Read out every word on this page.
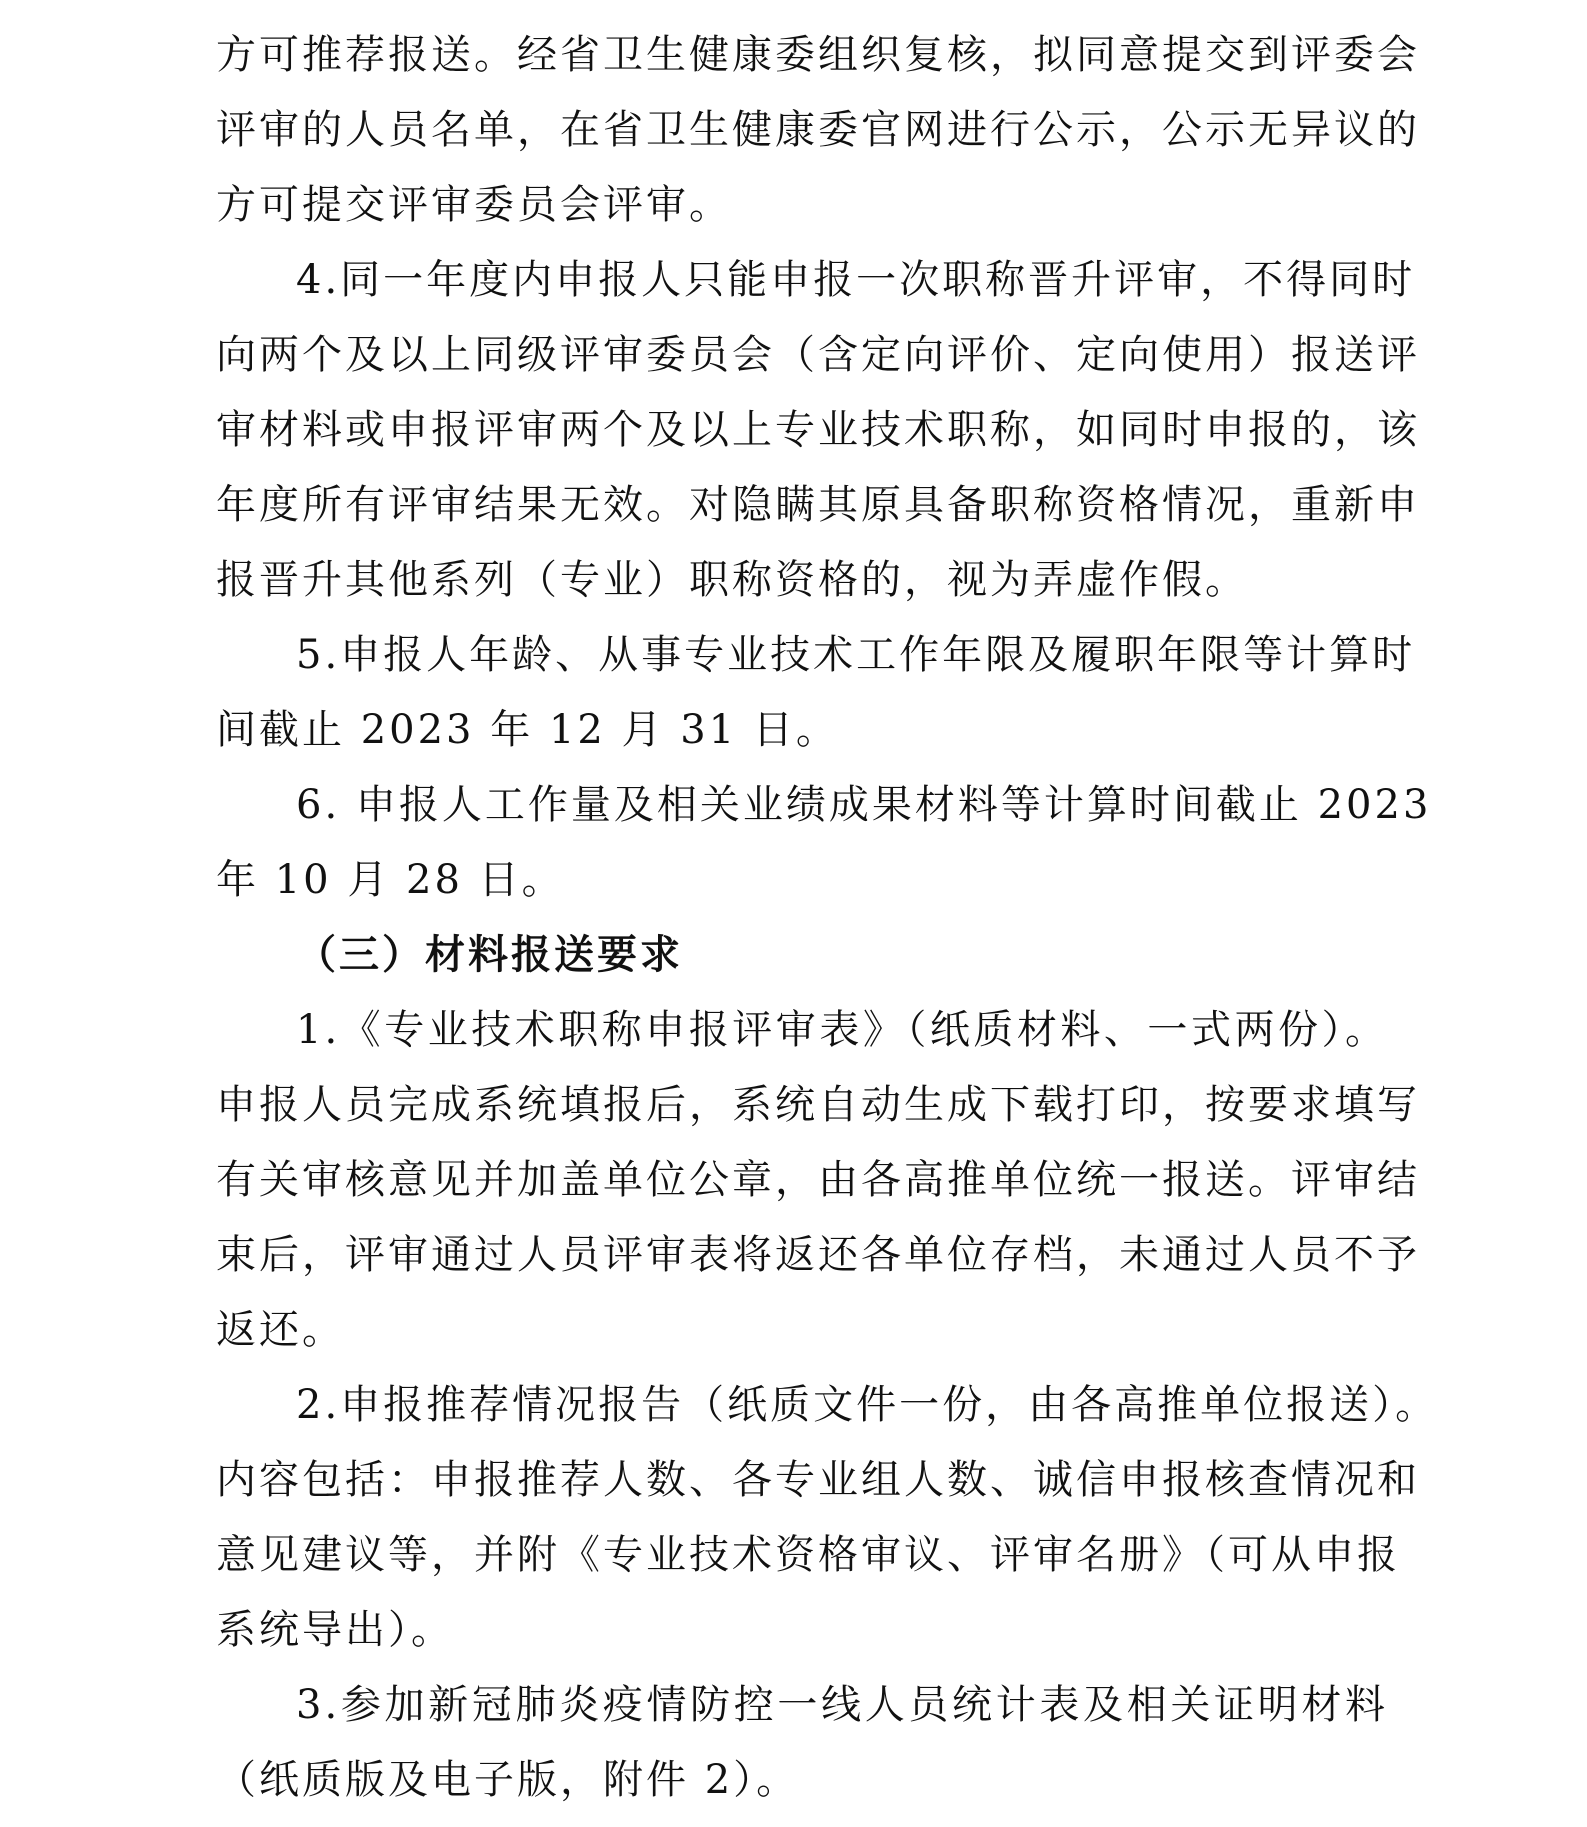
方可推荐报送。经省卫生健康委组织复核，拟同意提交到评委会
评审的人员名单，在省卫生健康委官网进行公示，公示无异议的
方可提交评审委员会评审。
4.同一年度内申报人只能申报一次职称晋升评审，不得同时
向两个及以上同级评审委员会（含定向评价、定向使用）报送评
审材料或申报评审两个及以上专业技术职称，如同时申报的，该
年度所有评审结果无效。对隐瞒其原具备职称资格情况，重新申
报晋升其他系列（专业）职称资格的，视为弄虚作假。
5.申报人年龄、从事专业技术工作年限及履职年限等计算时
间截止 2023 年 12 月 31 日。
6. 申报人工作量及相关业绩成果材料等计算时间截止 2023
年 10 月 28 日。
（三）材料报送要求
1.《专业技术职称申报评审表》（纸质材料、一式两份）。
申报人员完成系统填报后，系统自动生成下载打印，按要求填写
有关审核意见并加盖单位公章，由各高推单位统一报送。评审结
束后，评审通过人员评审表将返还各单位存档，未通过人员不予
返还。
2.申报推荐情况报告（纸质文件一份，由各高推单位报送）。
内容包括：申报推荐人数、各专业组人数、诚信申报核查情况和
意见建议等，并附《专业技术资格审议、评审名册》（可从申报
系统导出）。
3.参加新冠肺炎疫情防控一线人员统计表及相关证明材料
（纸质版及电子版，附件 2）。
